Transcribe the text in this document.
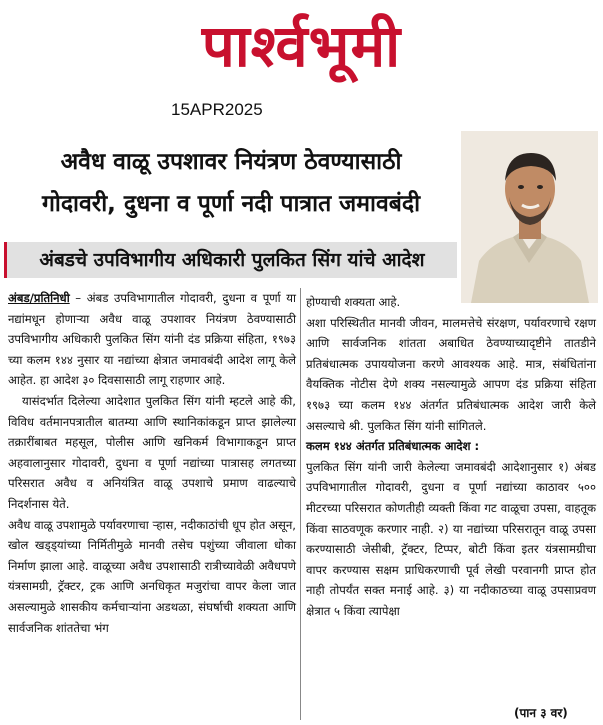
पार्श्वभूमी
15APR2025
अवैध वाळू उपशावर नियंत्रण ठेवण्यासाठी
गोदावरी, दुधना व पूर्णा नदी पात्रात जमावबंदी
अंबडचे उपविभागीय अधिकारी पुलकित सिंग यांचे आदेश

अंबड/प्रतिनिधी – अंबड उपविभागातील गोदावरी, दुधना व पूर्णा या नद्यांमधून होणाऱ्या अवैध वाळू उपशावर नियंत्रण ठेवण्यासाठी उपविभागीय अधिकारी पुलकित सिंग यांनी दंड प्रक्रिया संहिता, १९७३ च्या कलम १४४ नुसार या नद्यांच्या क्षेत्रात जमावबंदी आदेश लागू केले आहेत. हा आदेश ३० दिवसासाठी लागू राहणार आहे.

यासंदर्भात दिलेल्या आदेशात पुलकित सिंग यांनी म्हटले आहे की, विविध वर्तमानपत्रातील बातम्या आणि स्थानिकांकडून प्राप्त झालेल्या तक्रारींबाबत महसूल, पोलीस आणि खनिकर्म विभागाकडून प्राप्त अहवालानुसार गोदावरी, दुधना व पूर्णा नद्यांच्या पात्रासह लगतच्या परिसरात अवैध व अनियंत्रित वाळू उपशाचे प्रमाण वाढल्याचे निदर्शनास येते.

अवैध वाळू उपशामुळे पर्यावरणाचा ऱ्हास, नदीकाठांची धूप होत असून, खोल खड्ड्यांच्या निर्मितीमुळे मानवी तसेच पशुंच्या जीवाला धोका निर्माण झाला आहे. वाळूच्या अवैध उपशासाठी रात्रीच्यावेळी अवैधपणे यंत्रसामग्री, ट्रॅक्टर, ट्रक आणि अनधिकृत मजुरांचा वापर केला जात असल्यामुळे शासकीय कर्मचाऱ्यांना अडथळा, संघर्षाची शक्यता आणि सार्वजनिक शांततेचा भंग

होण्याची शक्यता आहे.

अशा परिस्थितीत मानवी जीवन, मालमत्तेचे संरक्षण, पर्यावरणाचे रक्षण आणि सार्वजनिक शांतता अबाधित ठेवण्याच्यादृष्टीने तातडीने प्रतिबंधात्मक उपाययोजना करणे आवश्यक आहे. मात्र, संबंधितांना वैयक्तिक नोटीस देणे शक्य नसल्यामुळे आपण दंड प्रक्रिया संहिता १९७३ च्या कलम १४४ अंतर्गत प्रतिबंधात्मक आदेश जारी केले असल्याचे श्री. पुलकित सिंग यांनी सांगितले.

कलम १४४ अंतर्गत प्रतिबंधात्मक आदेश :

पुलकित सिंग यांनी जारी केलेल्या जमावबंदी आदेशानुसार १) अंबड उपविभागातील गोदावरी, दुधना व पूर्णा नद्यांच्या काठावर ५०० मीटरच्या परिसरात कोणतीही व्यक्ती किंवा गट वाळूचा उपसा, वाहतूक किंवा साठवणूक करणार नाही. २) या नद्यांच्या परिसरातून वाळू उपसा करण्यासाठी जेसीबी, ट्रॅक्टर, टिप्पर, बोटी किंवा इतर यंत्रसामग्रीचा वापर करण्यास सक्षम प्राधिकरणाची पूर्व लेखी परवानगी प्राप्त होत नाही तोपर्यंत सक्त मनाई आहे. ३) या नदीकाठच्या वाळू उपसाप्रवण क्षेत्रात ५ किंवा त्यापेक्षा

(पान ३ वर)
